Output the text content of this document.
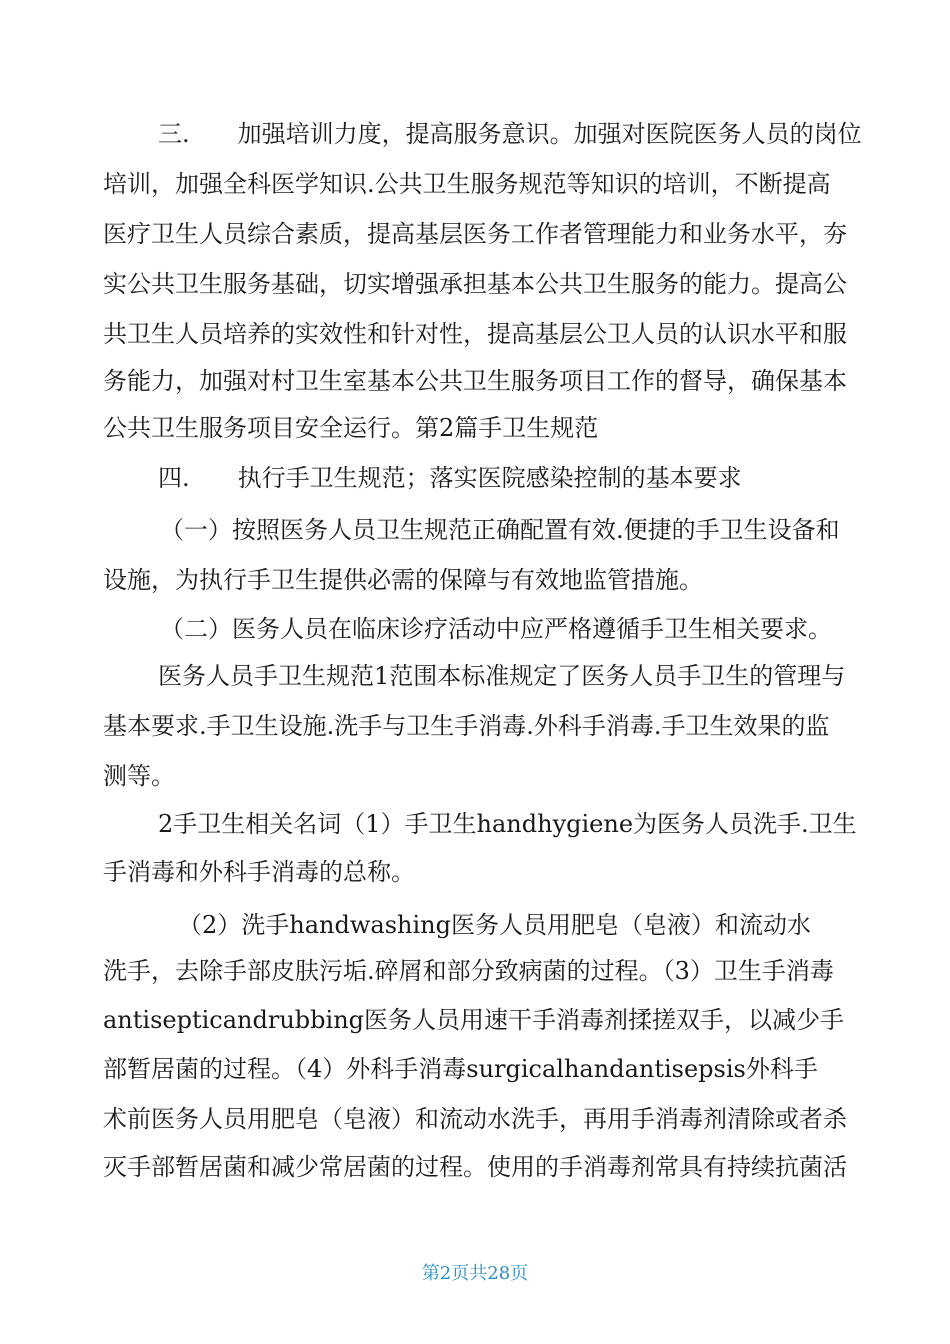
三.　　加强培训力度，提高服务意识。加强对医院医务人员的岗位
培训，加强全科医学知识.公共卫生服务规范等知识的培训，不断提高
医疗卫生人员综合素质，提高基层医务工作者管理能力和业务水平，夯
实公共卫生服务基础，切实增强承担基本公共卫生服务的能力。提高公
共卫生人员培养的实效性和针对性，提高基层公卫人员的认识水平和服
务能力，加强对村卫生室基本公共卫生服务项目工作的督导，确保基本
公共卫生服务项目安全运行。第2篇手卫生规范
四.　　执行手卫生规范；落实医院感染控制的基本要求
（一）按照医务人员卫生规范正确配置有效.便捷的手卫生设备和
设施，为执行手卫生提供必需的保障与有效地监管措施。
（二）医务人员在临床诊疗活动中应严格遵循手卫生相关要求。
医务人员手卫生规范1范围本标准规定了医务人员手卫生的管理与
基本要求.手卫生设施.洗手与卫生手消毒.外科手消毒.手卫生效果的监
测等。
2手卫生相关名词（1）手卫生handhygiene为医务人员洗手.卫生
手消毒和外科手消毒的总称。
（2）洗手handwashing医务人员用肥皂（皂液）和流动水
洗手，去除手部皮肤污垢.碎屑和部分致病菌的过程。（3）卫生手消毒
antisepticandrubbing医务人员用速干手消毒剂揉搓双手，以减少手
部暂居菌的过程。（4）外科手消毒surgicalhandantisepsis外科手
术前医务人员用肥皂（皂液）和流动水洗手，再用手消毒剂清除或者杀
灭手部暂居菌和减少常居菌的过程。使用的手消毒剂常具有持续抗菌活
第2页共28页
